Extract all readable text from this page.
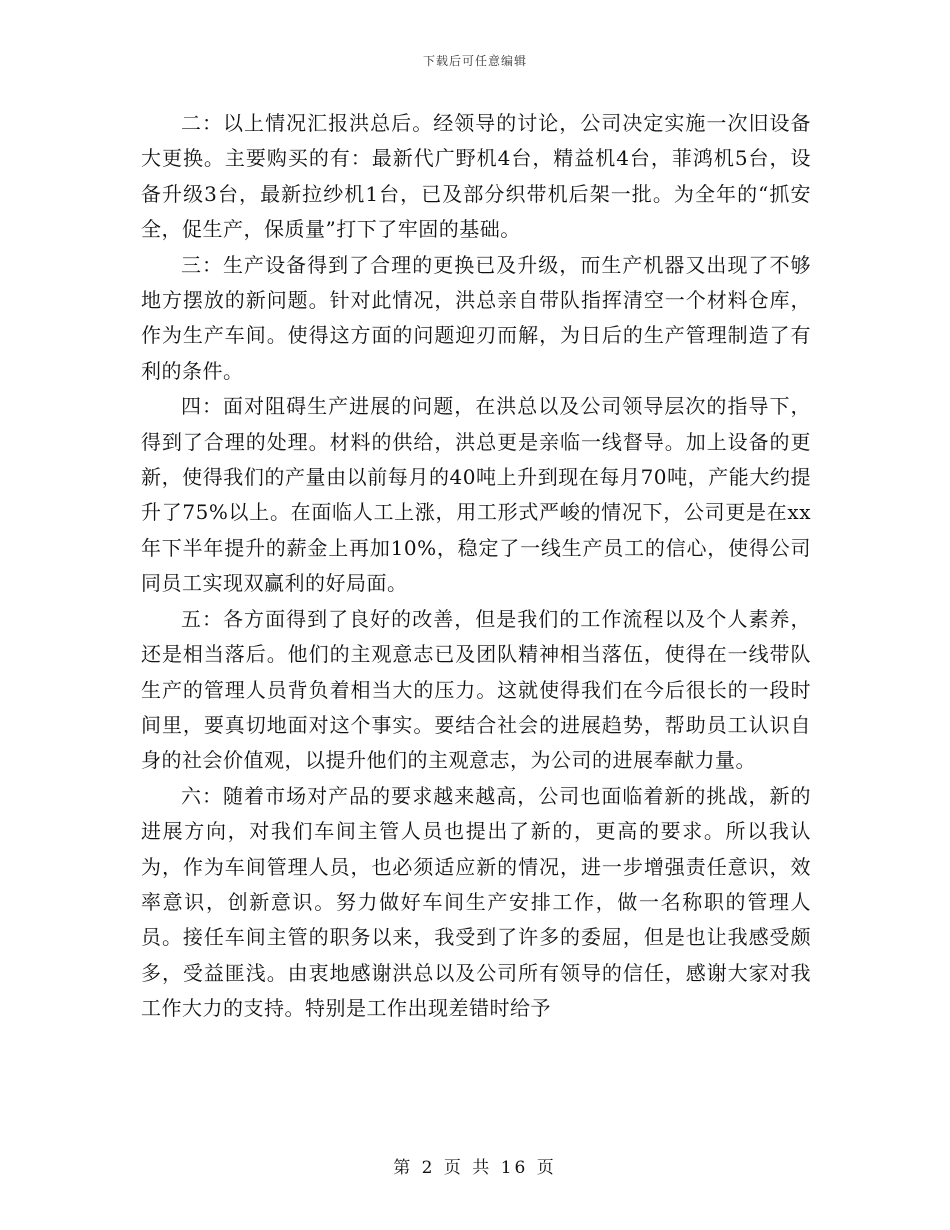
下载后可任意编辑

二：以上情况汇报洪总后。经领导的讨论，公司决定实施一次旧设备大更换。主要购买的有：最新代广野机4台，精益机4台，菲鸿机5台，设备升级3台，最新拉纱机1台，已及部分织带机后架一批。为全年的“抓安全，促生产，保质量”打下了牢固的基础。

三：生产设备得到了合理的更换已及升级，而生产机器又出现了不够地方摆放的新问题。针对此情况，洪总亲自带队指挥清空一个材料仓库，作为生产车间。使得这方面的问题迎刃而解，为日后的生产管理制造了有利的条件。

四：面对阻碍生产进展的问题，在洪总以及公司领导层次的指导下，得到了合理的处理。材料的供给，洪总更是亲临一线督导。加上设备的更新，使得我们的产量由以前每月的40吨上升到现在每月70吨，产能大约提升了75%以上。在面临人工上涨，用工形式严峻的情况下，公司更是在xx年下半年提升的薪金上再加10%，稳定了一线生产员工的信心，使得公司同员工实现双赢利的好局面。

五：各方面得到了良好的改善，但是我们的工作流程以及个人素养，还是相当落后。他们的主观意志已及团队精神相当落伍，使得在一线带队生产的管理人员背负着相当大的压力。这就使得我们在今后很长的一段时间里，要真切地面对这个事实。要结合社会的进展趋势，帮助员工认识自身的社会价值观，以提升他们的主观意志，为公司的进展奉献力量。

六：随着市场对产品的要求越来越高，公司也面临着新的挑战，新的进展方向，对我们车间主管人员也提出了新的，更高的要求。所以我认为，作为车间管理人员，也必须适应新的情况，进一步增强责任意识，效率意识，创新意识。努力做好车间生产安排工作，做一名称职的管理人员。接任车间主管的职务以来，我受到了许多的委屈，但是也让我感受颇多，受益匪浅。由衷地感谢洪总以及公司所有领导的信任，感谢大家对我工作大力的支持。特别是工作出现差错时给予

第 2 页 共 16 页
